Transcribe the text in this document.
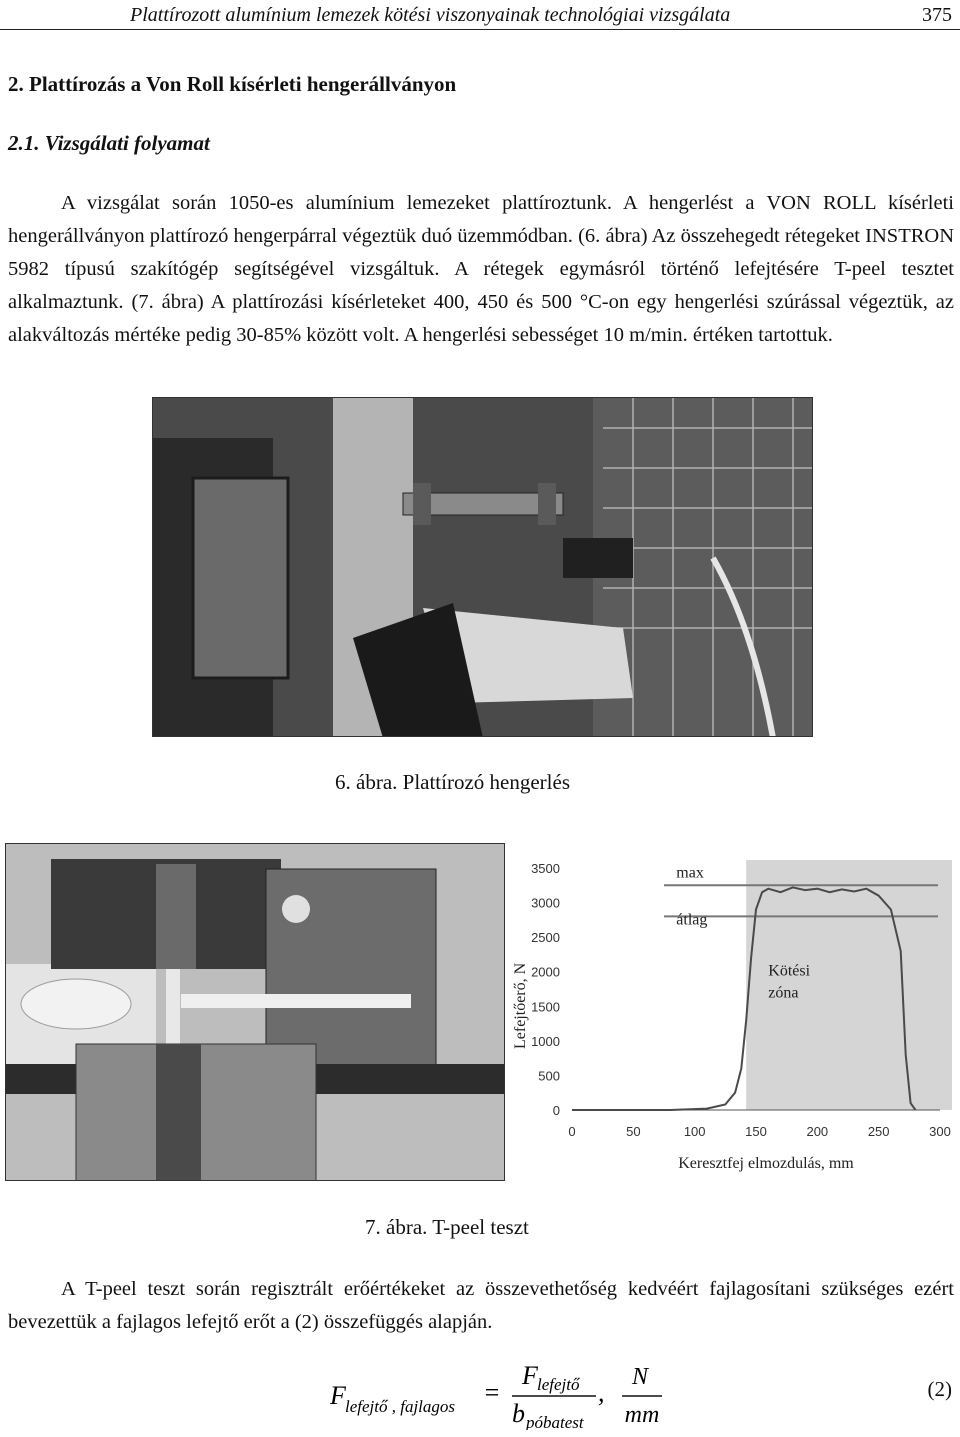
Plattírozott alumínium lemezek kötési viszonyainak technológiai vizsgálata	375
2. Plattírozás a Von Roll kísérleti hengerállványon
2.1. Vizsgálati folyamat

A vizsgálat során 1050-es alumínium lemezeket plattíroztunk. A hengerlést a VON ROLL kísérleti hengerállványon plattírozó hengerpárral végeztük duó üzemmódban. (6. ábra) Az összehegedt rétegeket INSTRON 5982 típusú szakítógép segítségével vizsgáltuk. A rétegek egymásról történő lefejtésére T-peel tesztet alkalmaztunk. (7. ábra) A plattírozási kísérleteket 400, 450 és 500 °C-on egy hengerlési szúrással végeztük, az alakváltozás mértéke pedig 30-85% között volt. A hengerlési sebességet 10 m/min. értéken tartottuk.

6. ábra. Plattírozó hengerlés
0
500
1000
1500
2000
2500
3000
3500
0	50	100	150	200	250	300
max
átlag
Kötési
zóna
Lefejtőerő, N
Keresztfej elmozdulás, mm
7. ábra. T-peel teszt

A T-peel teszt során regisztrált erőértékeket az összevethetőség kedvéért fajlagosítani szükséges ezért bevezettük a fajlagos lefejtő erőt a (2) összefüggés alapján.

F lefejtő , fajlagos =
F lefejtő
b póbatest
,
N
mm
(2)
